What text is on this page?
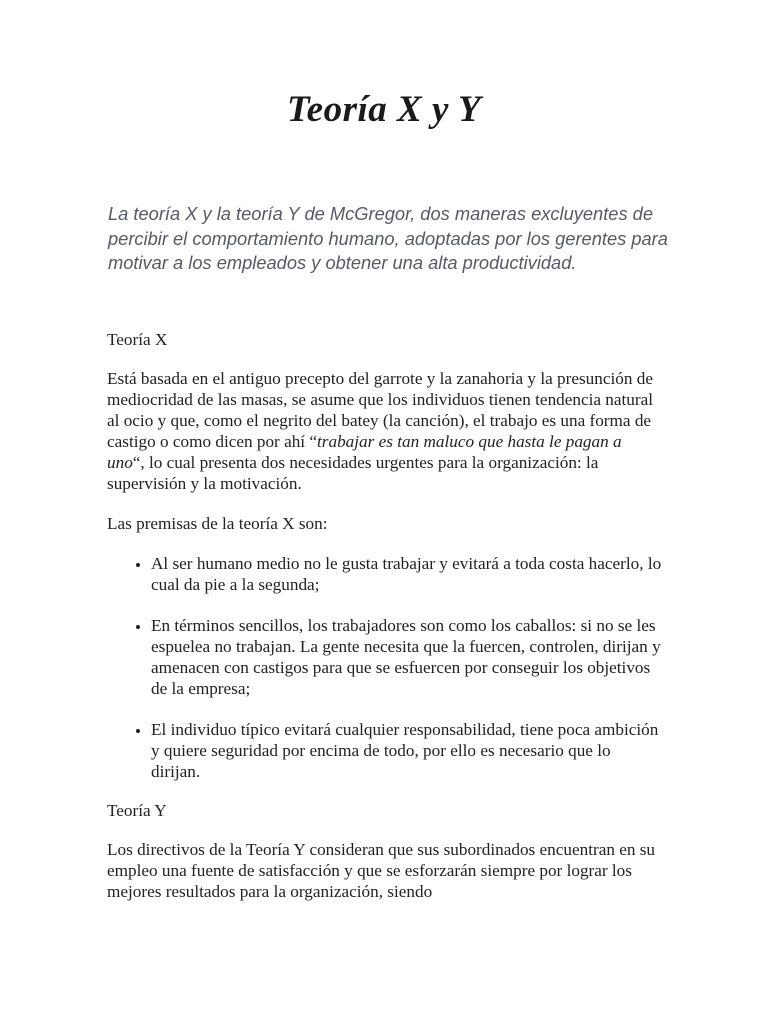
Teoría X y Y

La teoría X y la teoría Y de McGregor, dos maneras excluyentes de percibir el comportamiento humano, adoptadas por los gerentes para motivar a los empleados y obtener una alta productividad.

Teoría X

Está basada en el antiguo precepto del garrote y la zanahoria y la presunción de mediocridad de las masas, se asume que los individuos tienen tendencia natural al ocio y que, como el negrito del batey (la canción), el trabajo es una forma de castigo o como dicen por ahí “trabajar es tan maluco que hasta le pagan a uno“, lo cual presenta dos necesidades urgentes para la organización: la supervisión y la motivación.

Las premisas de la teoría X son:

• Al ser humano medio no le gusta trabajar y evitará a toda costa hacerlo, lo cual da pie a la segunda;
• En términos sencillos, los trabajadores son como los caballos: si no se les espuelea no trabajan. La gente necesita que la fuercen, controlen, dirijan y amenacen con castigos para que se esfuercen por conseguir los objetivos de la empresa;
• El individuo típico evitará cualquier responsabilidad, tiene poca ambición y quiere seguridad por encima de todo, por ello es necesario que lo dirijan.

Teoría Y

Los directivos de la Teoría Y consideran que sus subordinados encuentran en su empleo una fuente de satisfacción y que se esforzarán siempre por lograr los mejores resultados para la organización, siendo
